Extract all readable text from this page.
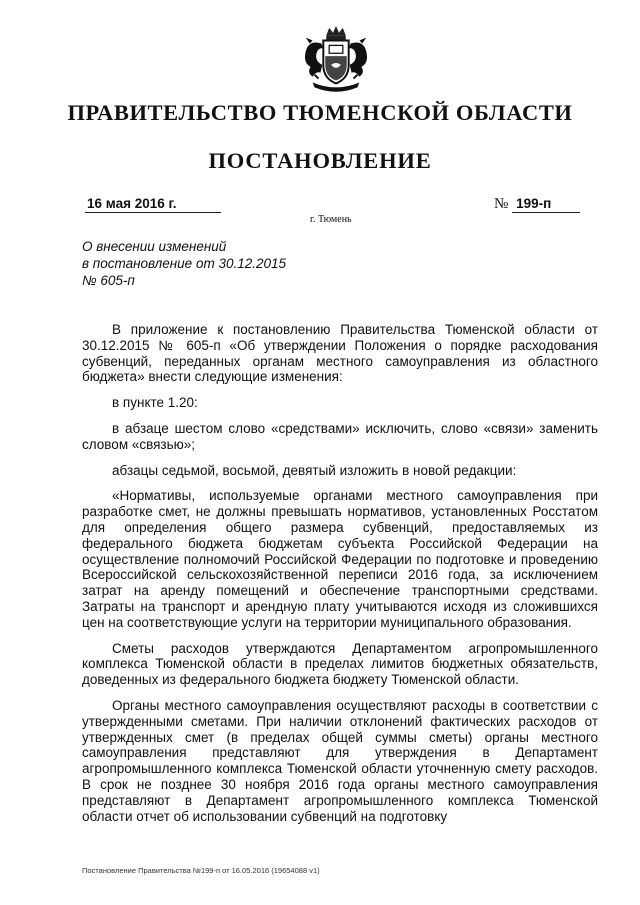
ПРАВИТЕЛЬСТВО ТЮМЕНСКОЙ ОБЛАСТИ
ПОСТАНОВЛЕНИЕ
16 мая 2016 г.	№ 199-п
г. Тюмень
О внесении изменений
в постановление от 30.12.2015
№ 605-п

В приложение к постановлению Правительства Тюменской области от 30.12.2015 № 605-п «Об утверждении Положения о порядке расходования субвенций, переданных органам местного самоуправления из областного бюджета» внести следующие изменения:

в пункте 1.20:

в абзаце шестом слово «средствами» исключить, слово «связи» заменить словом «связью»;

абзацы седьмой, восьмой, девятый изложить в новой редакции:

«Нормативы, используемые органами местного самоуправления при разработке смет, не должны превышать нормативов, установленных Росстатом для определения общего размера субвенций, предоставляемых из федерального бюджета бюджетам субъекта Российской Федерации на осуществление полномочий Российской Федерации по подготовке и проведению Всероссийской сельскохозяйственной переписи 2016 года, за исключением затрат на аренду помещений и обеспечение транспортными средствами. Затраты на транспорт и арендную плату учитываются исходя из сложившихся цен на соответствующие услуги на территории муниципального образования.

Сметы расходов утверждаются Департаментом агропромышленного комплекса Тюменской области в пределах лимитов бюджетных обязательств, доведенных из федерального бюджета бюджету Тюменской области.

Органы местного самоуправления осуществляют расходы в соответствии с утвержденными сметами. При наличии отклонений фактических расходов от утвержденных смет (в пределах общей суммы сметы) органы местного самоуправления представляют для утверждения в Департамент агропромышленного комплекса Тюменской области уточненную смету расходов. В срок не позднее 30 ноября 2016 года органы местного самоуправления представляют в Департамент агропромышленного комплекса Тюменской области отчет об использовании субвенций на подготовку

Постановление Правительства №199-п от 16.05.2016 (19654088 v1)
